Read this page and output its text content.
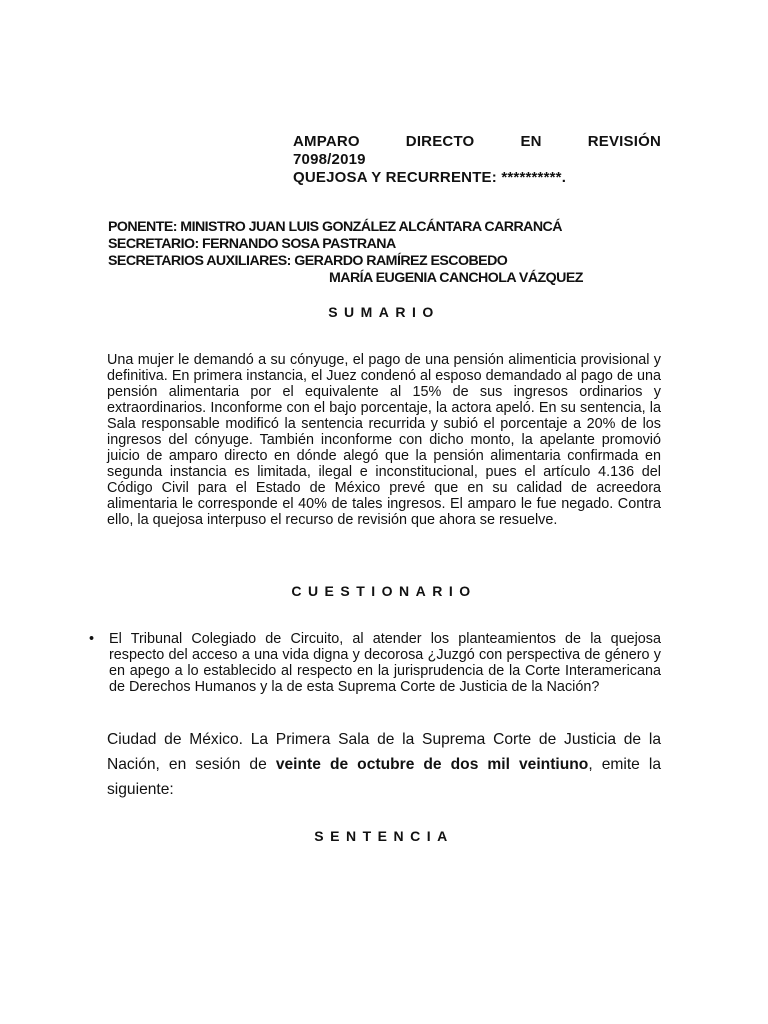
AMPARO	DIRECTO	EN	REVISIÓN
7098/2019
QUEJOSA Y RECURRENTE: **********.
PONENTE: MINISTRO JUAN LUIS GONZÁLEZ ALCÁNTARA CARRANCÁ
SECRETARIO: FERNANDO SOSA PASTRANA
SECRETARIOS AUXILIARES: GERARDO RAMÍREZ ESCOBEDO
MARÍA EUGENIA CANCHOLA VÁZQUEZ
SUMARIO
Una mujer le demandó a su cónyuge, el pago de una pensión alimenticia provisional y definitiva. En primera instancia, el Juez condenó al esposo demandado al pago de una pensión alimentaria por el equivalente al 15% de sus ingresos ordinarios y extraordinarios. Inconforme con el bajo porcentaje, la actora apeló. En su sentencia, la Sala responsable modificó la sentencia recurrida y subió el porcentaje a 20% de los ingresos del cónyuge. También inconforme con dicho monto, la apelante promovió juicio de amparo directo en dónde alegó que la pensión alimentaria confirmada en segunda instancia es limitada, ilegal e inconstitucional, pues el artículo 4.136 del Código Civil para el Estado de México prevé que en su calidad de acreedora alimentaria le corresponde el 40% de tales ingresos. El amparo le fue negado. Contra ello, la quejosa interpuso el recurso de revisión que ahora se resuelve.
CUESTIONARIO
•	El Tribunal Colegiado de Circuito, al atender los planteamientos de la quejosa respecto del acceso a una vida digna y decorosa ¿Juzgó con perspectiva de género y en apego a lo establecido al respecto en la jurisprudencia de la Corte Interamericana de Derechos Humanos y la de esta Suprema Corte de Justicia de la Nación?
Ciudad de México. La Primera Sala de la Suprema Corte de Justicia de la Nación, en sesión de veinte de octubre de dos mil veintiuno, emite la siguiente:
SENTENCIA
